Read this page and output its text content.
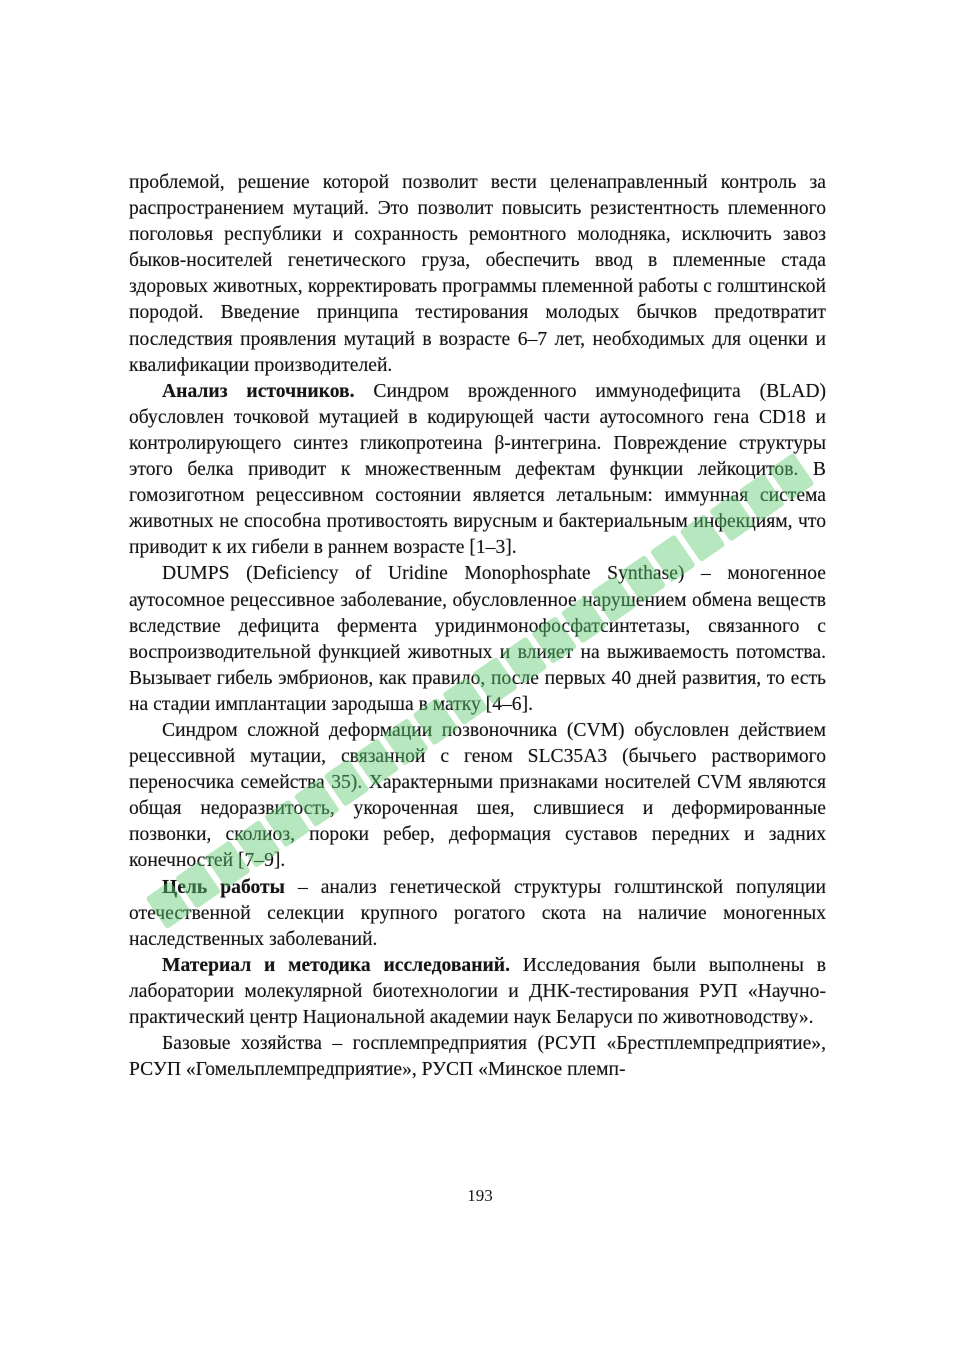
проблемой, решение которой позволит вести целенаправленный контроль за распространением мутаций. Это позволит повысить резистентность племенного поголовья республики и сохранность ремонтного молодняка, исключить завоз быков-носителей генетического груза, обеспечить ввод в племенные стада здоровых животных, корректировать программы племенной работы с голштинской породой. Введение принципа тестирования молодых бычков предотвратит последствия проявления мутаций в возрасте 6–7 лет, необходимых для оценки и квалификации производителей.

Анализ источников. Синдром врожденного иммунодефицита (BLAD) обусловлен точковой мутацией в кодирующей части аутосомного гена CD18 и контролирующего синтез гликопротеина β-интегрина. Повреждение структуры этого белка приводит к множественным дефектам функции лейкоцитов. В гомозиготном рецессивном состоянии является летальным: иммунная система животных не способна противостоять вирусным и бактериальным инфекциям, что приводит к их гибели в раннем возрасте [1–3].

DUMPS (Deficiency of Uridine Monophosphate Synthase) – моногенное аутосомное рецессивное заболевание, обусловленное нарушением обмена веществ вследствие дефицита фермента уридинмонофосфатсинтетазы, связанного с воспроизводительной функцией животных и влияет на выживаемость потомства. Вызывает гибель эмбрионов, как правило, после первых 40 дней развития, то есть на стадии имплантации зародыша в матку [4–6].

Синдром сложной деформации позвоночника (CVM) обусловлен действием рецессивной мутации, связанной с геном SLC35A3 (бычьего растворимого переносчика семейства 35). Характерными признаками носителей CVM являются общая недоразвитость, укороченная шея, слившиеся и деформированные позвонки, сколиоз, пороки ребер, деформация суставов передних и задних конечностей [7–9].

Цель работы – анализ генетической структуры голштинской популяции отечественной селекции крупного рогатого скота на наличие моногенных наследственных заболеваний.

Материал и методика исследований. Исследования были выполнены в лаборатории молекулярной биотехнологии и ДНК-тестирования РУП «Научно-практический центр Национальной академии наук Беларуси по животноводству».

Базовые хозяйства – госплемпредприятия (РСУП «Брестплемпредприятие», РСУП «Гомельплемпредприятие», РУСП «Минское племп-

193
